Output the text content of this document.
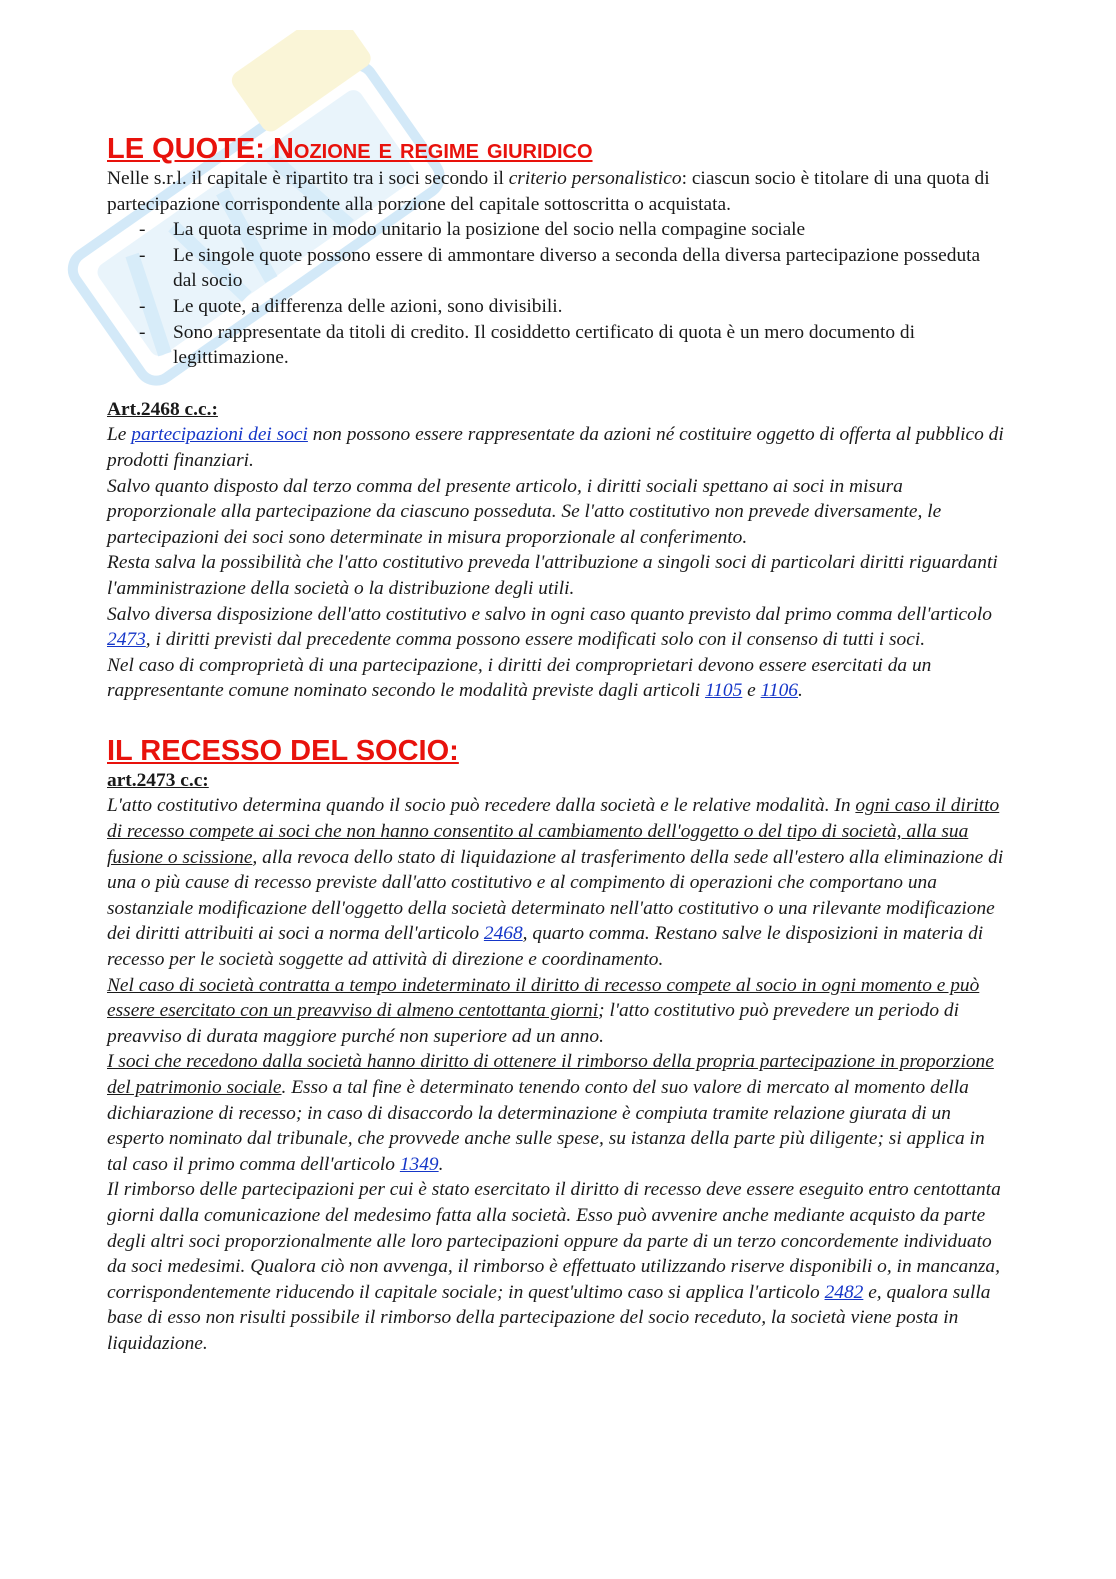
LE QUOTE: Nozione e regime giuridico

Nelle s.r.l. il capitale è ripartito tra i soci secondo il criterio personalistico: ciascun socio è titolare di una quota di partecipazione corrispondente alla porzione del capitale sottoscritta o acquistata.

- La quota esprime in modo unitario la posizione del socio nella compagine sociale
- Le singole quote possono essere di ammontare diverso a seconda della diversa partecipazione posseduta dal socio
- Le quote, a differenza delle azioni, sono divisibili.
- Sono rappresentate da titoli di credito. Il cosiddetto certificato di quota è un mero documento di legittimazione.

Art.2468 c.c.:

Le partecipazioni dei soci non possono essere rappresentate da azioni né costituire oggetto di offerta al pubblico di prodotti finanziari.

Salvo quanto disposto dal terzo comma del presente articolo, i diritti sociali spettano ai soci in misura proporzionale alla partecipazione da ciascuno posseduta. Se l'atto costitutivo non prevede diversamente, le partecipazioni dei soci sono determinate in misura proporzionale al conferimento.

Resta salva la possibilità che l'atto costitutivo preveda l'attribuzione a singoli soci di particolari diritti riguardanti l'amministrazione della società o la distribuzione degli utili.

Salvo diversa disposizione dell'atto costitutivo e salvo in ogni caso quanto previsto dal primo comma dell'articolo 2473, i diritti previsti dal precedente comma possono essere modificati solo con il consenso di tutti i soci.

Nel caso di comproprietà di una partecipazione, i diritti dei comproprietari devono essere esercitati da un rappresentante comune nominato secondo le modalità previste dagli articoli 1105 e 1106.

IL RECESSO DEL SOCIO:

art.2473 c.c:

L'atto costitutivo determina quando il socio può recedere dalla società e le relative modalità. In ogni caso il diritto di recesso compete ai soci che non hanno consentito al cambiamento dell'oggetto o del tipo di società, alla sua fusione o scissione, alla revoca dello stato di liquidazione al trasferimento della sede all'estero alla eliminazione di una o più cause di recesso previste dall'atto costitutivo e al compimento di operazioni che comportano una sostanziale modificazione dell'oggetto della società determinato nell'atto costitutivo o una rilevante modificazione dei diritti attribuiti ai soci a norma dell'articolo 2468, quarto comma. Restano salve le disposizioni in materia di recesso per le società soggette ad attività di direzione e coordinamento.

Nel caso di società contratta a tempo indeterminato il diritto di recesso compete al socio in ogni momento e può essere esercitato con un preavviso di almeno centottanta giorni; l'atto costitutivo può prevedere un periodo di preavviso di durata maggiore purché non superiore ad un anno.

I soci che recedono dalla società hanno diritto di ottenere il rimborso della propria partecipazione in proporzione del patrimonio sociale. Esso a tal fine è determinato tenendo conto del suo valore di mercato al momento della dichiarazione di recesso; in caso di disaccordo la determinazione è compiuta tramite relazione giurata di un esperto nominato dal tribunale, che provvede anche sulle spese, su istanza della parte più diligente; si applica in tal caso il primo comma dell'articolo 1349.

Il rimborso delle partecipazioni per cui è stato esercitato il diritto di recesso deve essere eseguito entro centottanta giorni dalla comunicazione del medesimo fatta alla società. Esso può avvenire anche mediante acquisto da parte degli altri soci proporzionalmente alle loro partecipazioni oppure da parte di un terzo concordemente individuato da soci medesimi. Qualora ciò non avvenga, il rimborso è effettuato utilizzando riserve disponibili o, in mancanza, corrispondentemente riducendo il capitale sociale; in quest'ultimo caso si applica l'articolo 2482 e, qualora sulla base di esso non risulti possibile il rimborso della partecipazione del socio receduto, la società viene posta in liquidazione.
